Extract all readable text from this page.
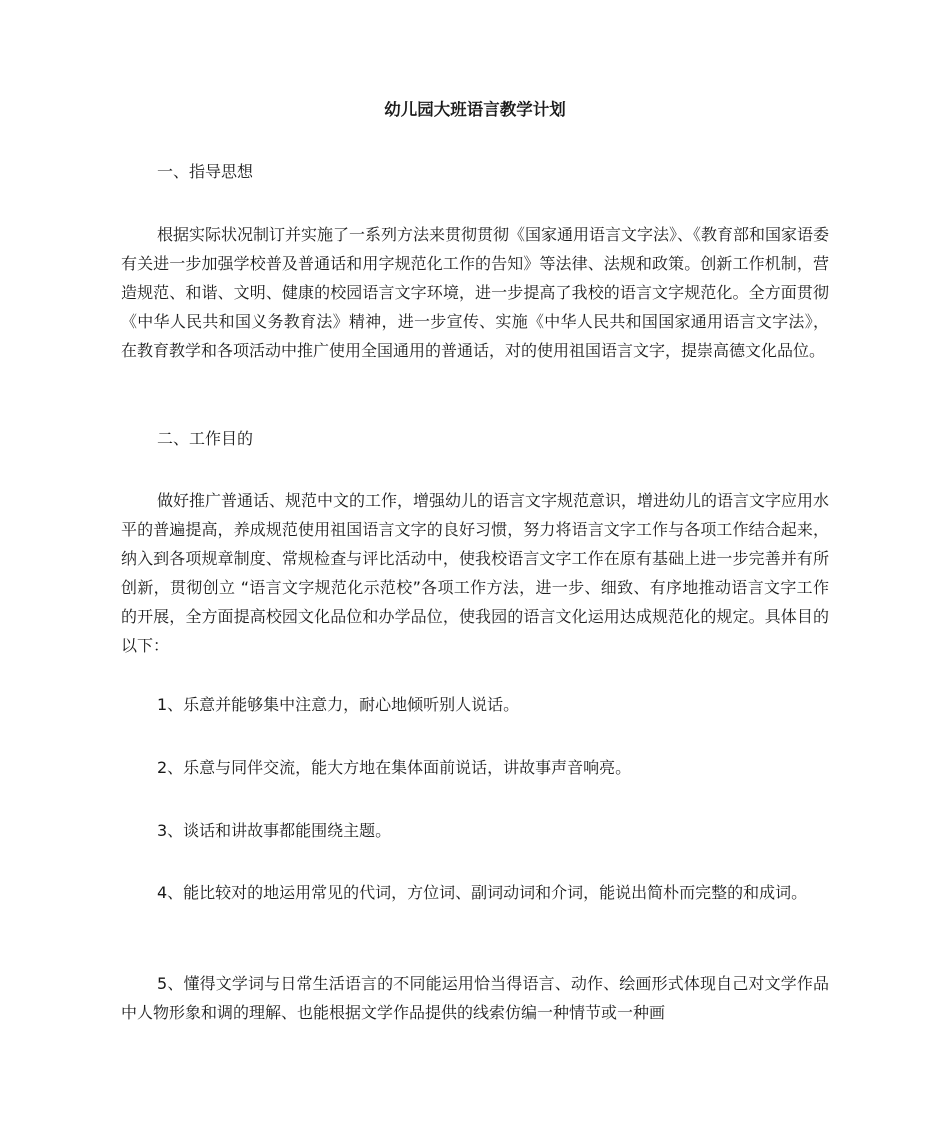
幼儿园大班语言教学计划

一、指导思想

根据实际状况制订并实施了一系列方法来贯彻贯彻《国家通用语言文字法》、《教育部和国家语委有关进一步加强学校普及普通话和用字规范化工作的告知》等法律、法规和政策。创新工作机制，营造规范、和谐、文明、健康的校园语言文字环境，进一步提高了我校的语言文字规范化。全方面贯彻《中华人民共和国义务教育法》精神，进一步宣传、实施《中华人民共和国国家通用语言文字法》，在教育教学和各项活动中推广使用全国通用的普通话，对的使用祖国语言文字，提崇高德文化品位。

二、工作目的

做好推广普通话、规范中文的工作，增强幼儿的语言文字规范意识，增进幼儿的语言文字应用水平的普遍提高，养成规范使用祖国语言文字的良好习惯，努力将语言文字工作与各项工作结合起来，纳入到各项规章制度、常规检查与评比活动中，使我校语言文字工作在原有基础上进一步完善并有所创新，贯彻创立 “语言文字规范化示范校”各项工作方法，进一步、细致、有序地推动语言文字工作的开展，全方面提高校园文化品位和办学品位，使我园的语言文化运用达成规范化的规定。具体目的以下：

1、乐意并能够集中注意力，耐心地倾听别人说话。

2、乐意与同伴交流，能大方地在集体面前说话，讲故事声音响亮。

3、谈话和讲故事都能围绕主题。

4、能比较对的地运用常见的代词，方位词、副词动词和介词，能说出简朴而完整的和成词。

5、懂得文学词与日常生活语言的不同能运用恰当得语言、动作、绘画形式体现自己对文学作品中人物形象和调的理解、也能根据文学作品提供的线索仿编一种情节或一种画
